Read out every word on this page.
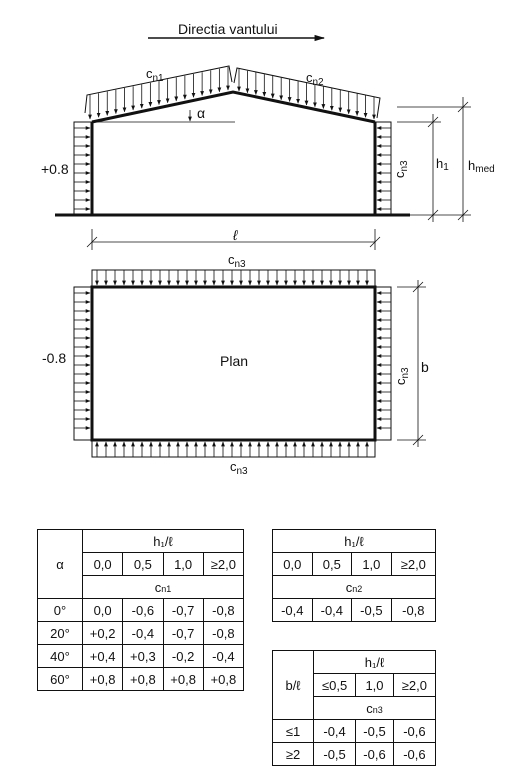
Directia vantului
$c_{n1}$	$c_{n2}$
$c_{n3}$
+0.8
α
h1 hmed
ℓ
Plan
$c_{n3}$
$c_{n3}$
$c_{n3}$
-0.8
b
α	h₁/ℓ			
	0,0	0,5	1,0	≥2,0
	cn1			
0°	0,0	-0,6	-0,7	-0,8
20°	+0,2	-0,4	-0,7	-0,8
40°	+0,4	+0,3	-0,2	-0,4
60°	+0,8	+0,8	+0,8	+0,8
h₁/ℓ			
0,0	0,5	1,0	≥2,0
cn2			
-0,4	-0,4	-0,5	-0,8
b/ℓ	h₁/ℓ		
	≤0,5	1,0	≥2,0
	cn3		
≤1	-0,4	-0,5	-0,6
≥2	-0,5	-0,6	-0,6
